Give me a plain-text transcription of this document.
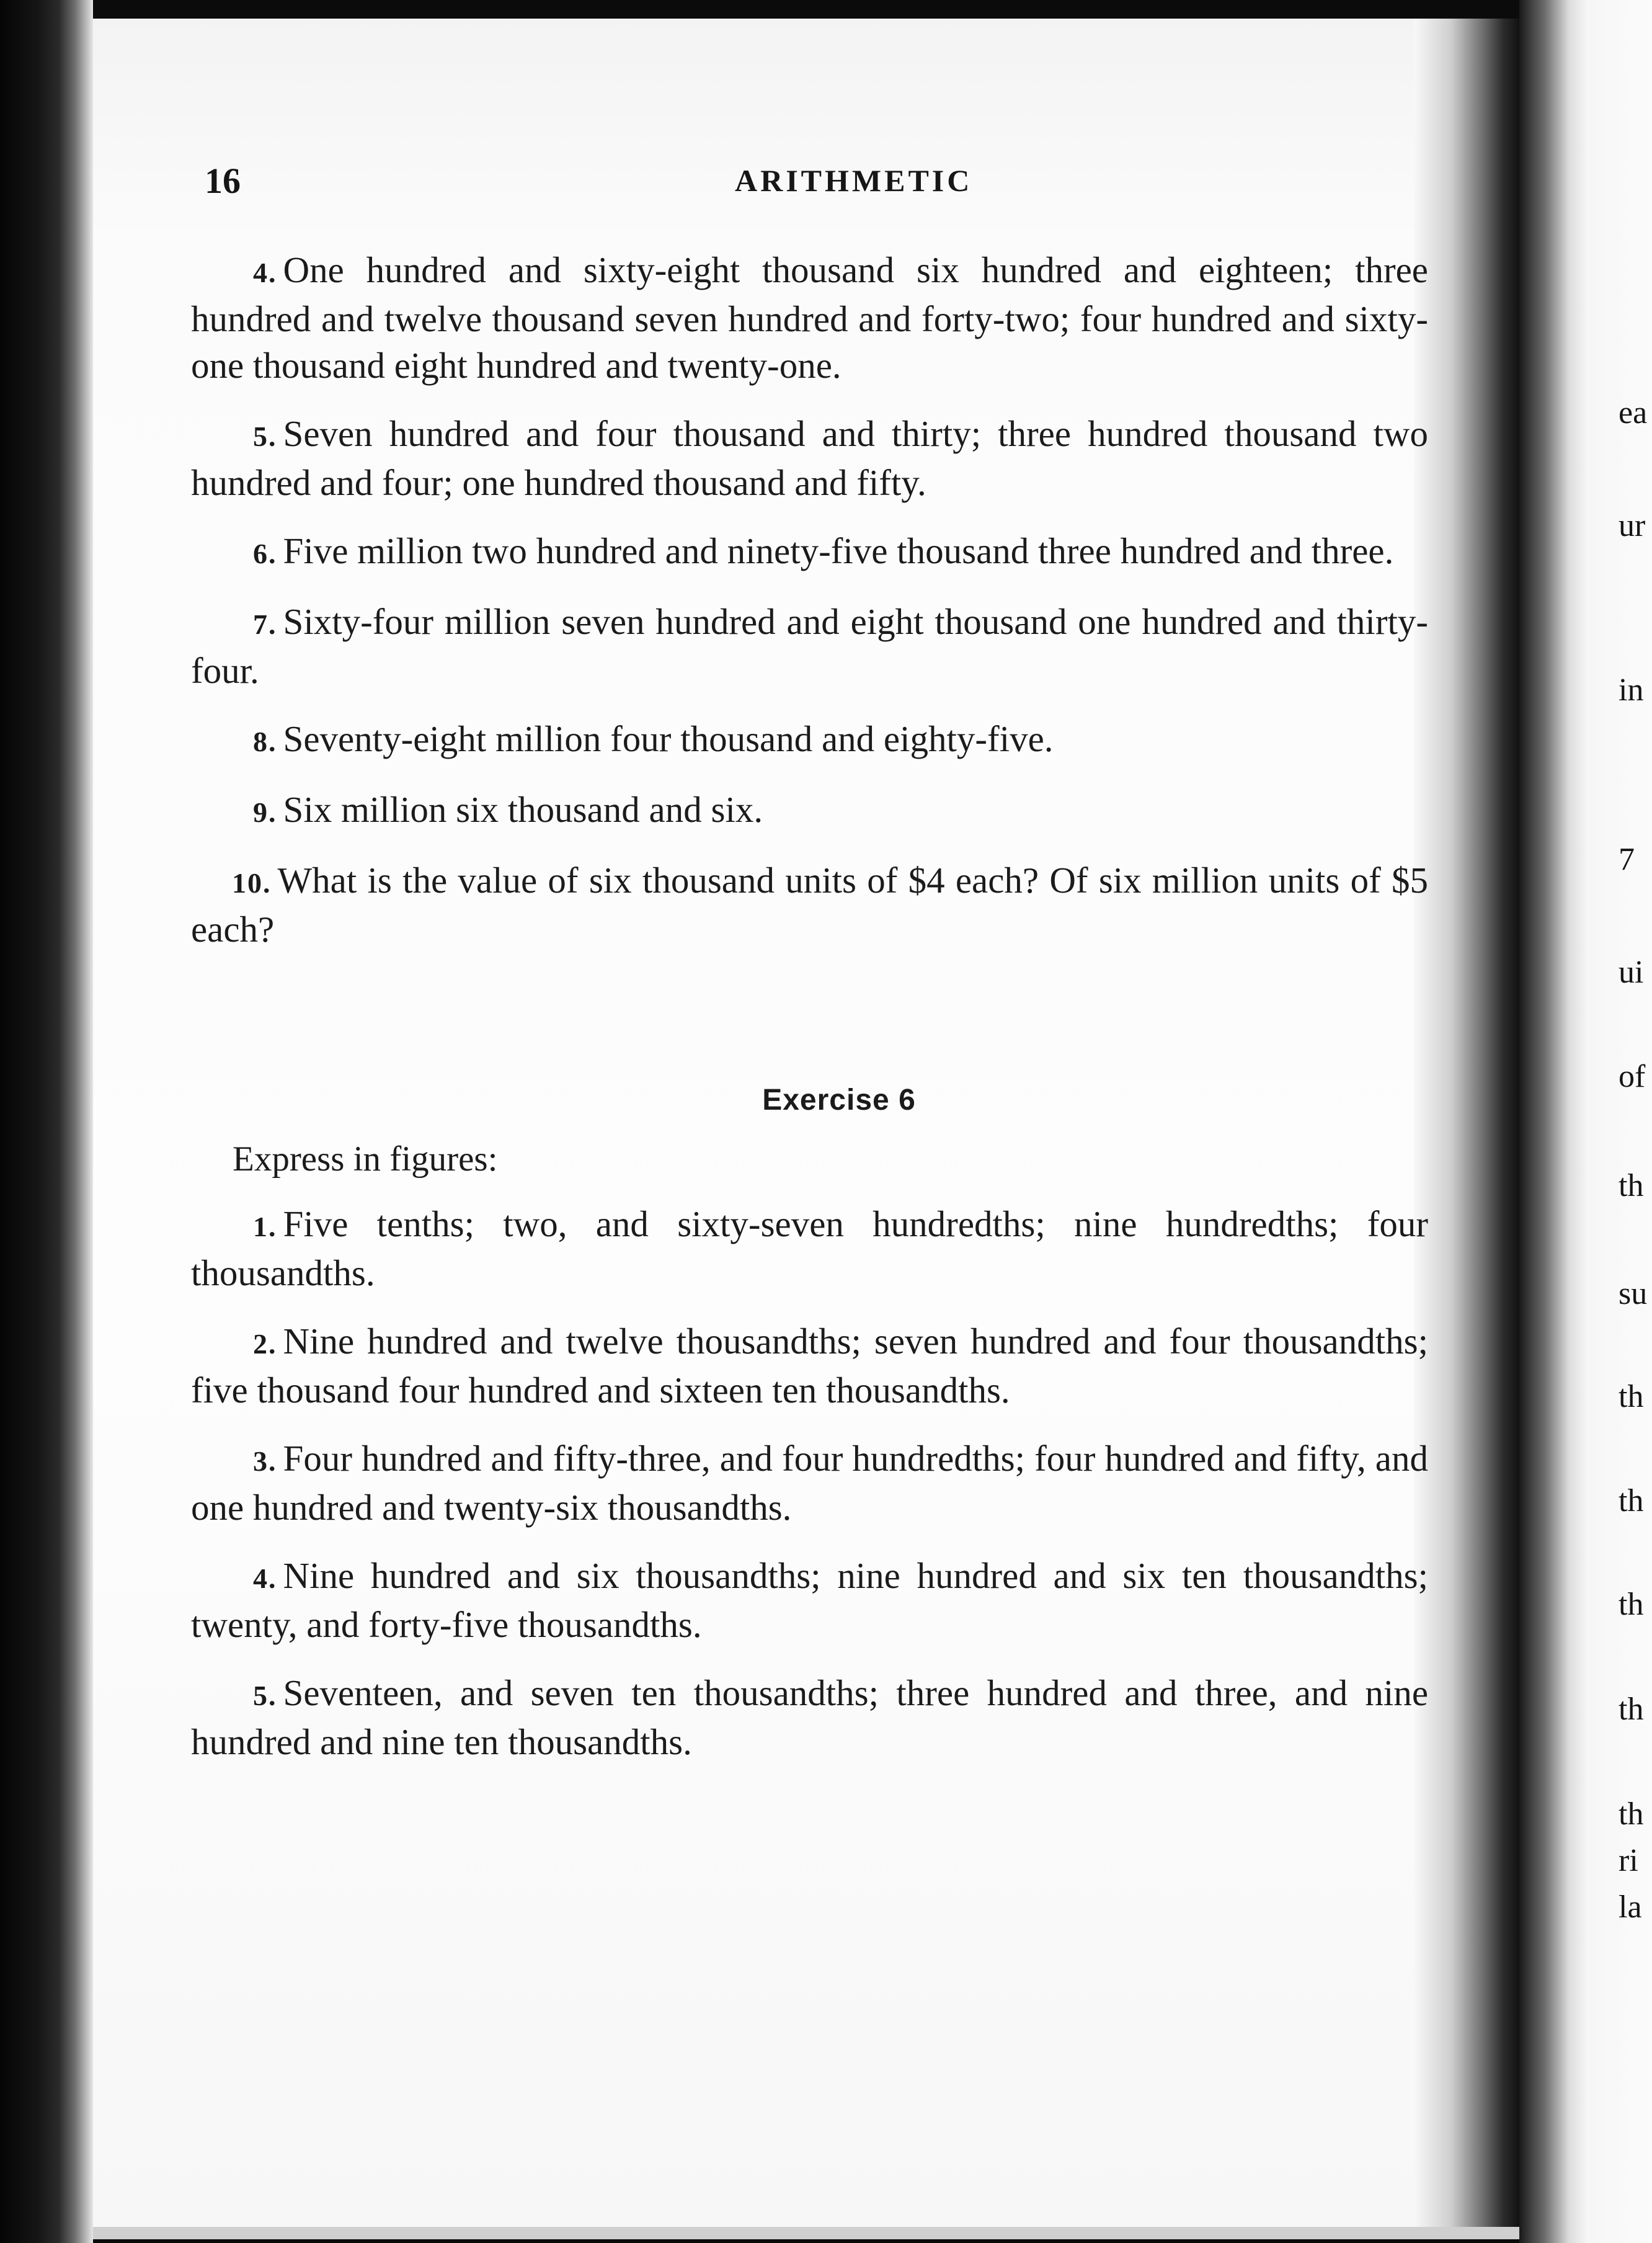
ea
ur
in
7
ui
of
th
su
th
th
th
th
th
ri
la
16	ARITHMETIC

4. One hundred and sixty-eight thousand six hundred and eighteen; three hundred and twelve thousand seven hundred and forty-two; four hundred and sixty-one thousand eight hundred and twenty-one.

5. Seven hundred and four thousand and thirty; three hundred thousand two hundred and four; one hundred thousand and fifty.

6. Five million two hundred and ninety-five thousand three hundred and three.

7. Sixty-four million seven hundred and eight thousand one hundred and thirty-four.

8. Seventy-eight million four thousand and eighty-five.

9. Six million six thousand and six.

10. What is the value of six thousand units of $4 each? Of six million units of $5 each?

Exercise 6
Express in figures:

1. Five tenths; two, and sixty-seven hundredths; nine hundredths; four thousandths.

2. Nine hundred and twelve thousandths; seven hundred and four thousandths; five thousand four hundred and sixteen ten thousandths.

3. Four hundred and fifty-three, and four hundredths; four hundred and fifty, and one hundred and twenty-six thousandths.

4. Nine hundred and six thousandths; nine hundred and six ten thousandths; twenty, and forty-five thousandths.

5. Seventeen, and seven ten thousandths; three hundred and three, and nine hundred and nine ten thousandths.
